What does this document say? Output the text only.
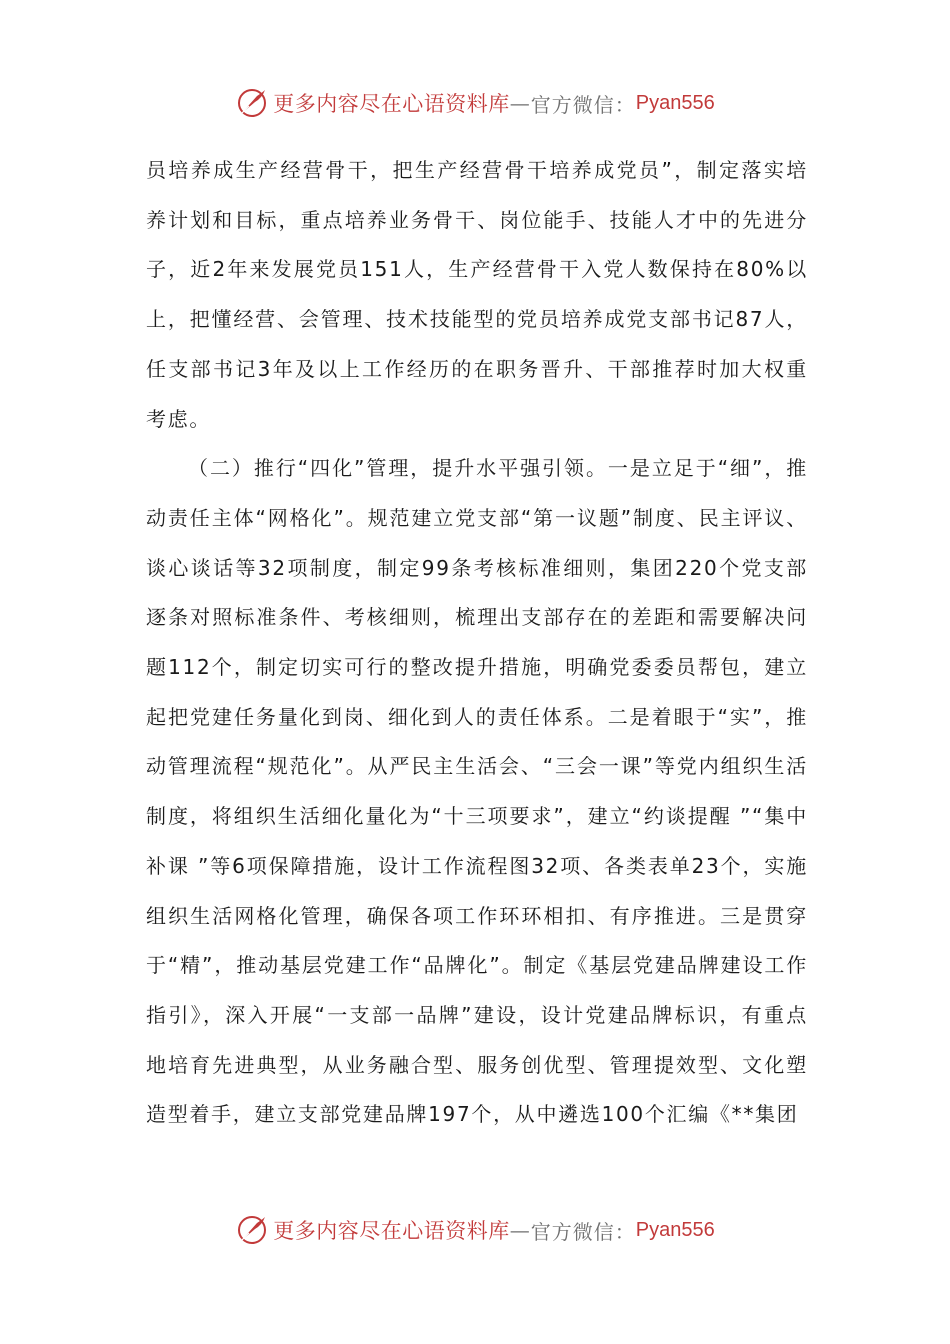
更多内容尽在心语资料库 — 官方微信： Pyan556

员培养成生产经营骨干，把生产经营骨干培养成党员”，制定落实培养计划和目标，重点培养业务骨干、岗位能手、技能人才中的先进分子，近2年来发展党员151人，生产经营骨干入党人数保持在80%以上，把懂经营、会管理、技术技能型的党员培养成党支部书记87人，任支部书记3年及以上工作经历的在职务晋升、干部推荐时加大权重考虑。

（二）推行“四化”管理，提升水平强引领。一是立足于“细”，推动责任主体“网格化”。规范建立党支部“第一议题”制度、民主评议、谈心谈话等32项制度，制定99条考核标准细则，集团220个党支部逐条对照标准条件、考核细则，梳理出支部存在的差距和需要解决问题112个，制定切实可行的整改提升措施，明确党委委员帮包，建立起把党建任务量化到岗、细化到人的责任体系。二是着眼于“实”，推动管理流程“规范化”。从严民主生活会、“三会一课”等党内组织生活制度，将组织生活细化量化为“十三项要求”，建立“约谈提醒 ”“集中补课 ”等6项保障措施，设计工作流程图32项、各类表单23个，实施组织生活网格化管理，确保各项工作环环相扣、有序推进。三是贯穿于“精”，推动基层党建工作“品牌化”。制定《基层党建品牌建设工作指引》，深入开展“一支部一品牌”建设，设计党建品牌标识，有重点地培育先进典型，从业务融合型、服务创优型、管理提效型、文化塑造型着手，建立支部党建品牌197个，从中遴选100个汇编《**集团

更多内容尽在心语资料库 — 官方微信： Pyan556
